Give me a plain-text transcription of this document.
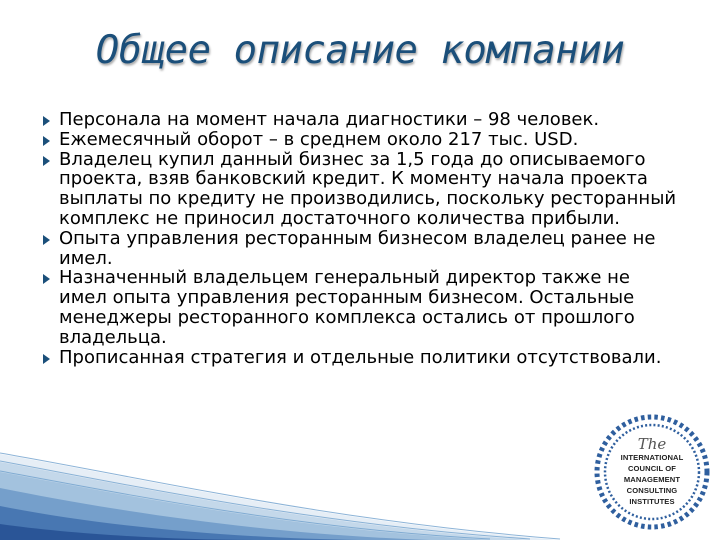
Общее описание компании
Персонала на момент начала диагностики – 98 человек.
Ежемесячный оборот – в среднем около 217 тыс. USD.
Владелец купил данный бизнес за 1,5 года до описываемого проекта, взяв банковский кредит. К моменту начала проекта выплаты по кредиту не производились, поскольку ресторанный комплекс не приносил достаточного количества прибыли.
Опыта управления ресторанным бизнесом владелец ранее не имел.
Назначенный владельцем генеральный директор также не имел опыта управления ресторанным бизнесом. Остальные менеджеры ресторанного комплекса остались от прошлого владельца.
Прописанная стратегия и отдельные политики отсутствовали.
The
INTERNATIONAL
COUNCIL OF
MANAGEMENT
CONSULTING
INSTITUTES
